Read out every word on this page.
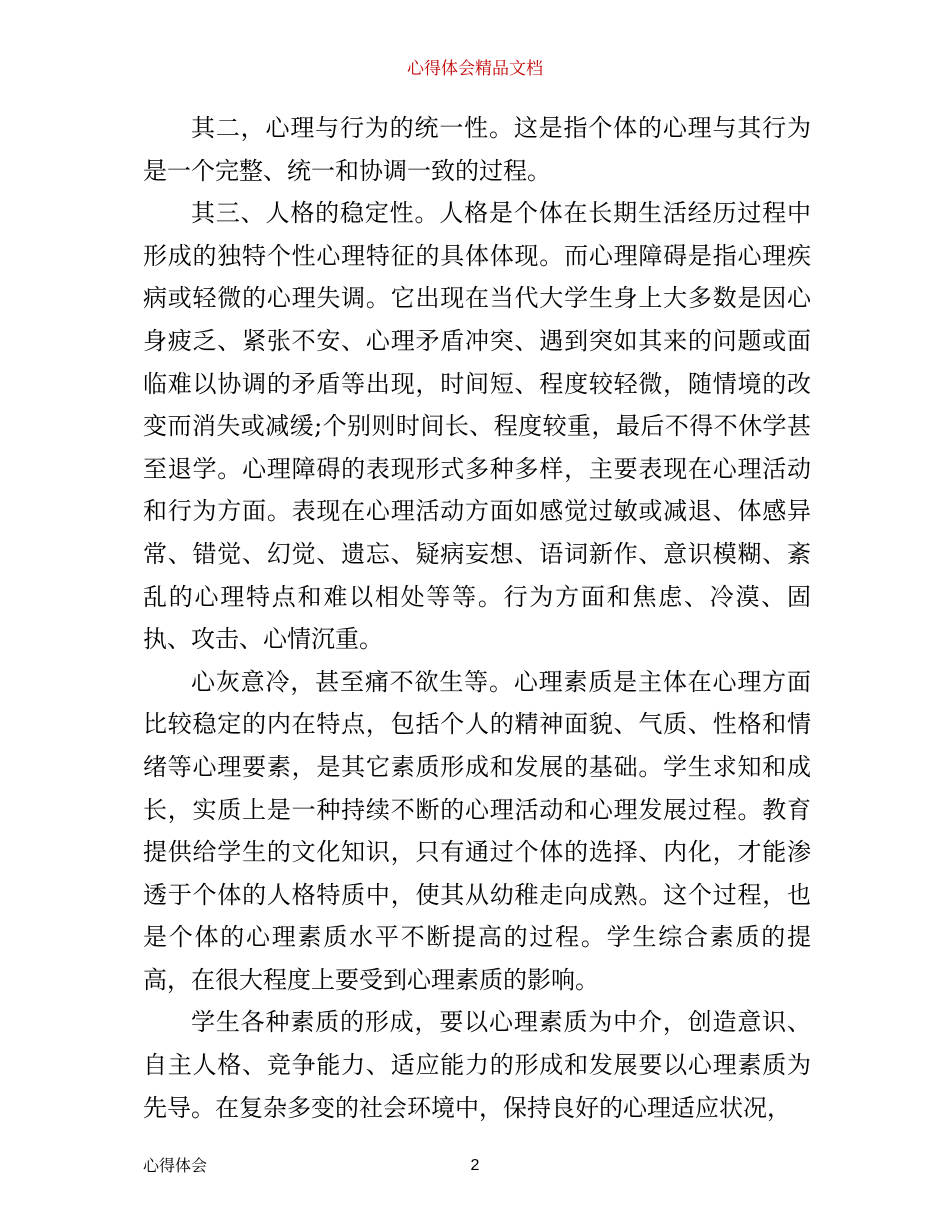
心得体会精品文档

其二，心理与行为的统一性。这是指个体的心理与其行为是一个完整、统一和协调一致的过程。

其三、人格的稳定性。人格是个体在长期生活经历过程中形成的独特个性心理特征的具体体现。而心理障碍是指心理疾病或轻微的心理失调。它出现在当代大学生身上大多数是因心身疲乏、紧张不安、心理矛盾冲突、遇到突如其来的问题或面临难以协调的矛盾等出现，时间短、程度较轻微，随情境的改变而消失或减缓;个别则时间长、程度较重，最后不得不休学甚至退学。心理障碍的表现形式多种多样，主要表现在心理活动和行为方面。表现在心理活动方面如感觉过敏或减退、体感异常、错觉、幻觉、遗忘、疑病妄想、语词新作、意识模糊、紊乱的心理特点和难以相处等等。行为方面和焦虑、冷漠、固执、攻击、心情沉重。

心灰意冷，甚至痛不欲生等。心理素质是主体在心理方面比较稳定的内在特点，包括个人的精神面貌、气质、性格和情绪等心理要素，是其它素质形成和发展的基础。学生求知和成长，实质上是一种持续不断的心理活动和心理发展过程。教育提供给学生的文化知识，只有通过个体的选择、内化，才能渗透于个体的人格特质中，使其从幼稚走向成熟。这个过程，也是个体的心理素质水平不断提高的过程。学生综合素质的提高，在很大程度上要受到心理素质的影响。

学生各种素质的形成，要以心理素质为中介，创造意识、自主人格、竞争能力、适应能力的形成和发展要以心理素质为先导。在复杂多变的社会环境中，保持良好的心理适应状况，

心得体会	2
